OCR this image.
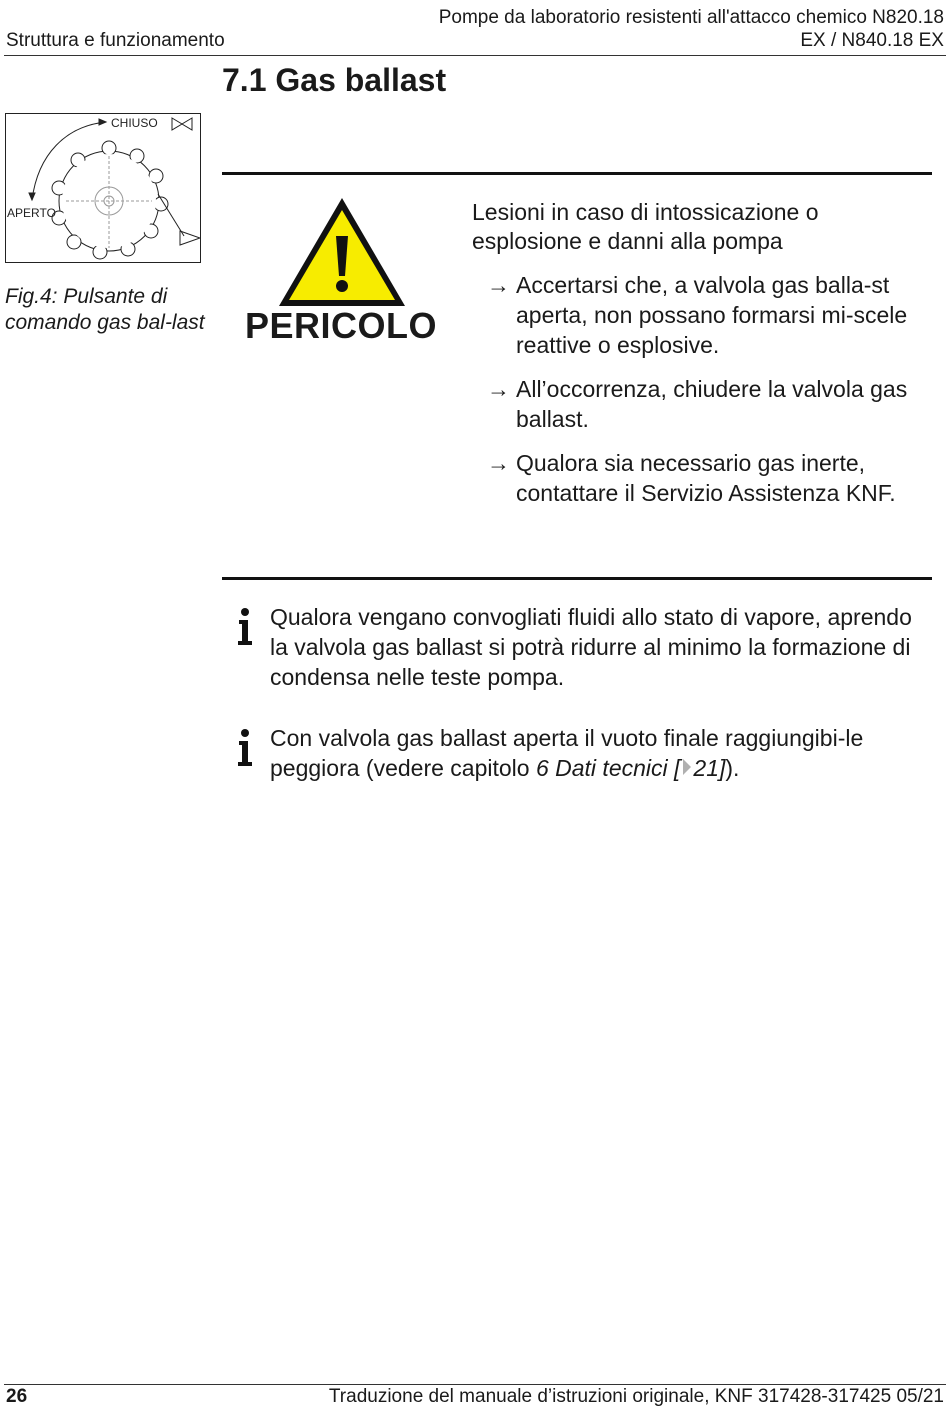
Struttura e funzionamento
Pompe da laboratorio resistenti all'attacco chemico N820.18
EX / N840.18 EX
7.1 Gas ballast
CHIUSO
APERTO
Fig.4: Pulsante di comando gas bal-last PERICOLO
Lesioni in caso di intossicazione o esplosione e danni alla pompa
→ Accertarsi che, a valvola gas balla-st aperta, non possano formarsi mi-scele reattive o esplosive.
→ All’occorrenza, chiudere la valvola gas ballast.
→ Qualora sia necessario gas inerte, contattare il Servizio Assistenza KNF.
Qualora vengano convogliati fluidi allo stato di vapore, aprendo la valvola gas ballast si potrà ridurre al minimo la formazione di condensa nelle teste pompa.
Con valvola gas ballast aperta il vuoto finale raggiungibi-le peggiora (vedere capitolo 6 Dati tecnici [ 21]).
26	Traduzione del manuale d’istruzioni originale, KNF 317428-317425 05/21
